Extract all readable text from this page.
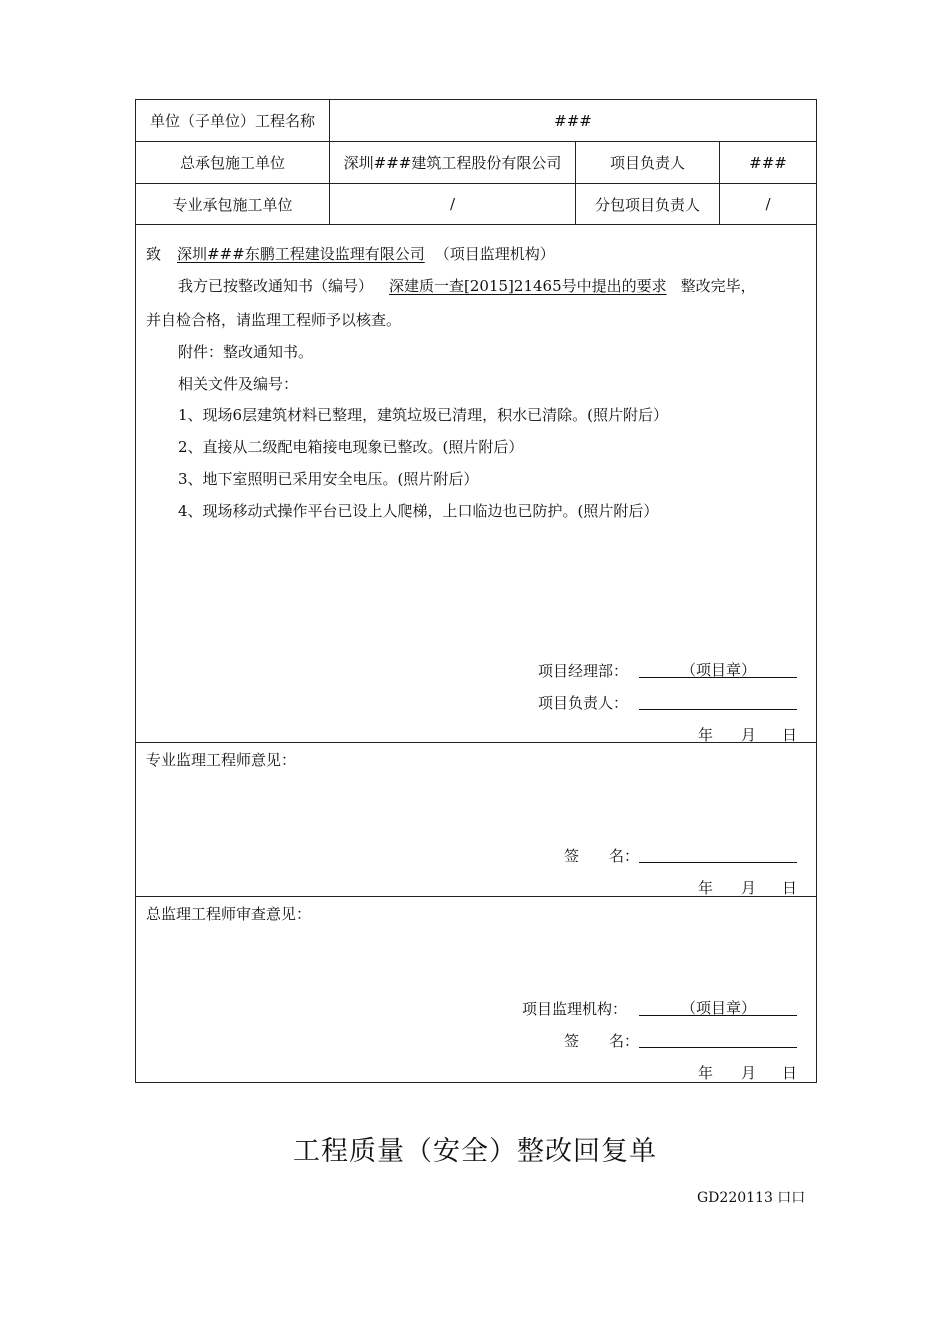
单位（子单位）工程名称	###
总承包施工单位	深圳###建筑工程股份有限公司	项目负责人	###
专业承包施工单位	/	分包项目负责人	/
致 深圳###东鹏工程建设监理有限公司 （项目监理机构）
我方已按整改通知书（编号） 深建质一查[2015]21465号中提出的要求 整改完毕，
并自检合格，请监理工程师予以核查。
附件：整改通知书。
相关文件及编号：
1、现场6层建筑材料已整理，建筑垃圾已清理，积水已清除。(照片附后）
2、直接从二级配电箱接电现象已整改。(照片附后）
3、地下室照明已采用安全电压。(照片附后）
4、现场移动式操作平台已设上人爬梯，上口临边也已防护。(照片附后）
项目经理部：	（项目章）
项目负责人：
年 月 日
专业监理工程师意见：
签　　名：
年 月 日
总监理工程师审查意见：
项目监理机构：	（项目章）
签　　名：
年 月 日
工程质量（安全）整改回复单
GD220113 口口
